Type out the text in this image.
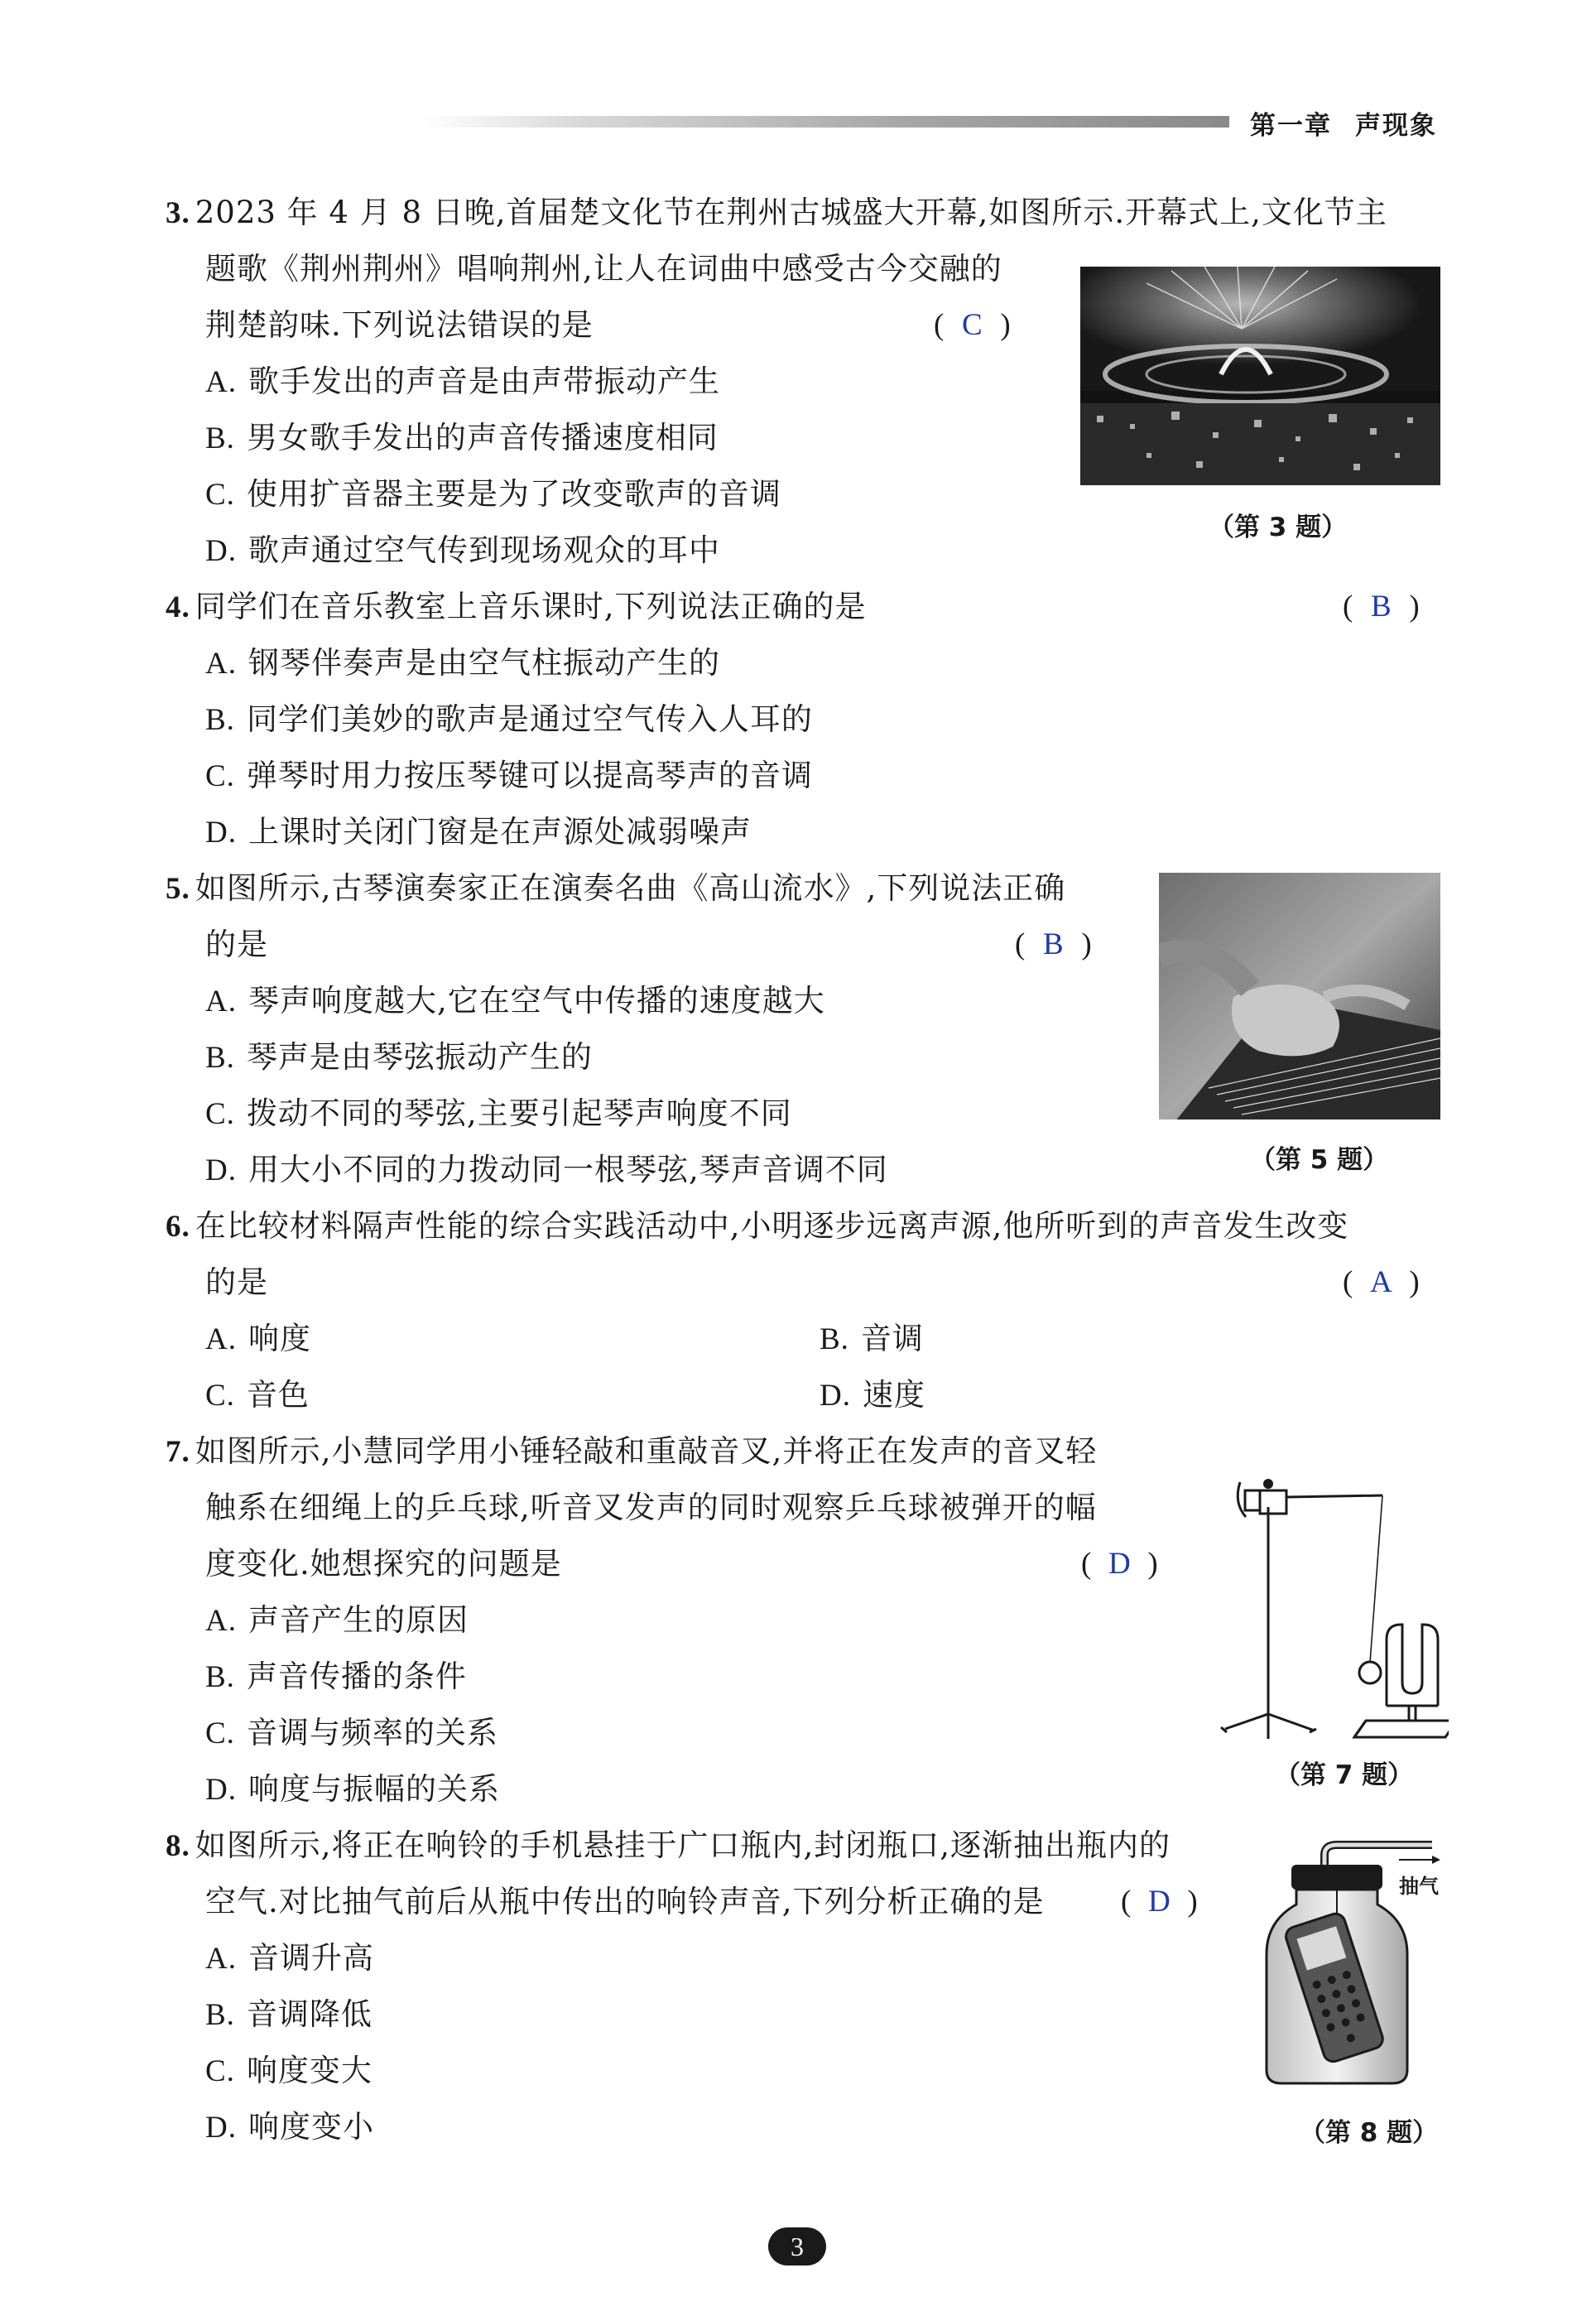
第一章 声现象
3. 2023 年 4 月 8 日晚,首届楚文化节在荆州古城盛大开幕,如图所示.开幕式上,文化节主
题歌《荆州荆州》唱响荆州,让人在词曲中感受古今交融的
荆楚韵味.下列说法错误的是	( C )
A. 歌手发出的声音是由声带振动产生
B. 男女歌手发出的声音传播速度相同
C. 使用扩音器主要是为了改变歌声的音调
D. 歌声通过空气传到现场观众的耳中
（第 3 题）
4. 同学们在音乐教室上音乐课时,下列说法正确的是	( B )
A. 钢琴伴奏声是由空气柱振动产生的
B. 同学们美妙的歌声是通过空气传入人耳的
C. 弹琴时用力按压琴键可以提高琴声的音调
D. 上课时关闭门窗是在声源处减弱噪声
5. 如图所示,古琴演奏家正在演奏名曲《高山流水》,下列说法正确
的是	( B )
A. 琴声响度越大,它在空气中传播的速度越大
B. 琴声是由琴弦振动产生的
C. 拨动不同的琴弦,主要引起琴声响度不同
D. 用大小不同的力拨动同一根琴弦,琴声音调不同	（第 5 题）
6. 在比较材料隔声性能的综合实践活动中,小明逐步远离声源,他所听到的声音发生改变
的是	( A )
A. 响度	B. 音调
C. 音色	D. 速度
7. 如图所示,小慧同学用小锤轻敲和重敲音叉,并将正在发声的音叉轻
触系在细绳上的乒乓球,听音叉发声的同时观察乒乓球被弹开的幅
度变化.她想探究的问题是	( D )
A. 声音产生的原因
B. 声音传播的条件
C. 音调与频率的关系
D. 响度与振幅的关系	（第 7 题）
8. 如图所示,将正在响铃的手机悬挂于广口瓶内,封闭瓶口,逐渐抽出瓶内的
空气.对比抽气前后从瓶中传出的响铃声音,下列分析正确的是 ( D )
A. 音调升高
B. 音调降低
C. 响度变大
D. 响度变小
抽气
（第 8 题）
3
